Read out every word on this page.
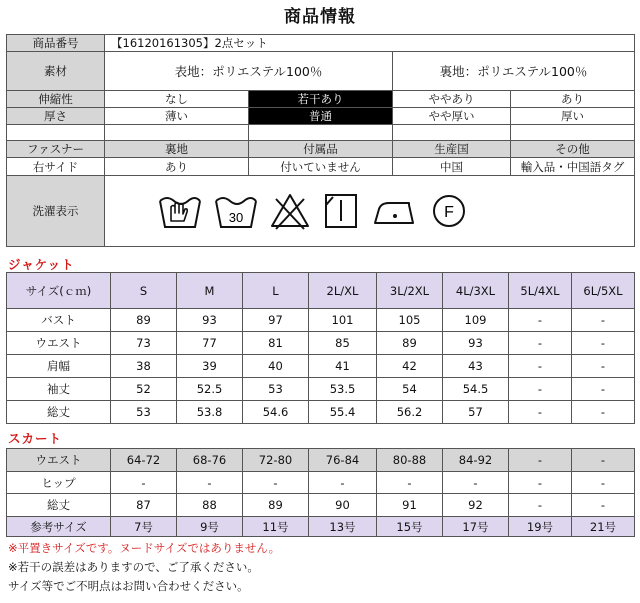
商品情報
商品番号	【16120161305】2点セット			
素材	表地：ポリエステル100％		裏地：ポリエステル100％	
伸縮性	なし	若干あり	ややあり	あり
厚さ	薄い	普通	やや厚い	厚い

ファスナー	裏地	付属品	生産国	その他
右サイド	あり	付いていません	中国	輸入品・中国語タグ
洗濯表示	30 F			
ジャケット
サイズ(ｃｍ)	S	M	L	2L/XL	3L/2XL	4L/3XL	5L/4XL	6L/5XL
バスト	89	93	97	101	105	109	-	-
ウエスト	73	77	81	85	89	93	-	-
肩幅	38	39	40	41	42	43	-	-
袖丈	52	52.5	53	53.5	54	54.5	-	-
総丈	53	53.8	54.6	55.4	56.2	57	-	-
スカート
ウエスト	64-72	68-76	72-80	76-84	80-88	84-92	-	-
ヒップ	-	-	-	-	-	-	-	-
総丈	87	88	89	90	91	92	-	-
参考サイズ	7号	9号	11号	13号	15号	17号	19号	21号
※平置きサイズです。ヌードサイズではありません。
※若干の誤差はありますので、ご了承ください。
サイズ等でご不明点はお問い合わせください。
